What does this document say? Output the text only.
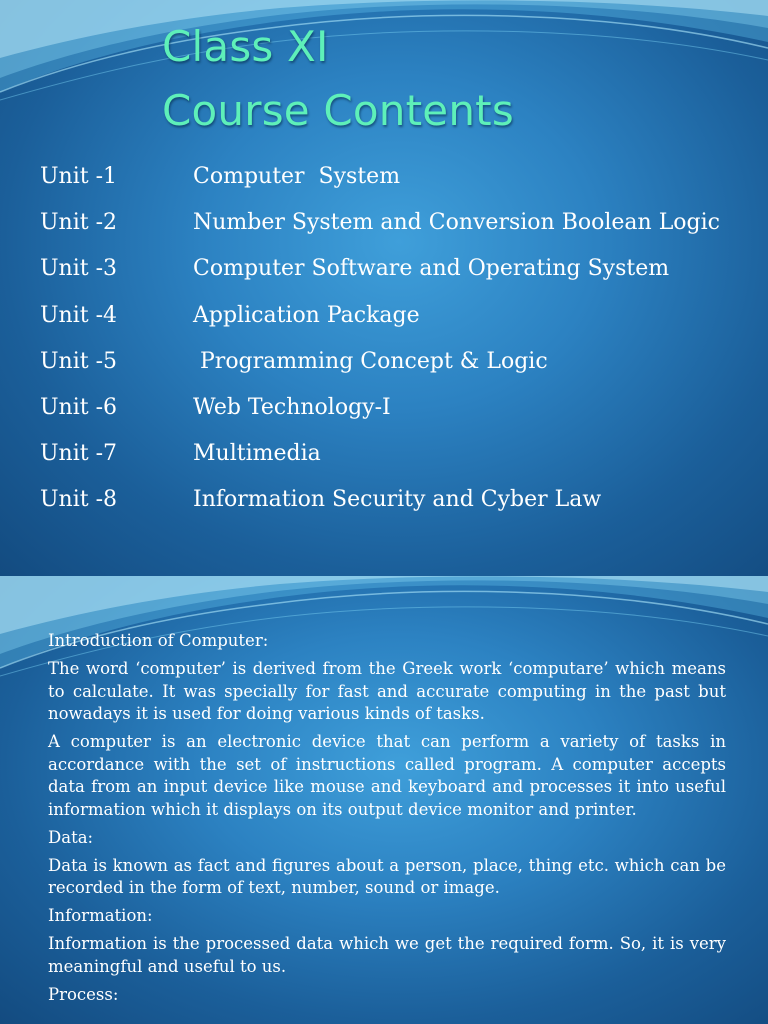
Class XI
Course Contents
Unit -1	Computer  System
Unit -2	Number System and Conversion Boolean Logic
Unit -3	Computer Software and Operating System
Unit -4	Application Package
Unit -5	Programming Concept & Logic
Unit -6	Web Technology-I
Unit -7	Multimedia
Unit -8	Information Security and Cyber Law

Introduction of Computer:

The word ‘computer’ is derived from the Greek work ‘computare’ which means to calculate. It was specially for fast and accurate computing in the past but nowadays it is used for doing various kinds of tasks.

A computer is an electronic device that can perform a variety of tasks in accordance with the set of instructions called program. A computer accepts data from an input device like mouse and keyboard and processes it into useful information which it displays on its output device monitor and printer.

Data:

Data is known as fact and figures about a person, place, thing etc. which can be recorded in the form of text, number, sound or image.

Information:

Information is the processed data which we get the required form. So, it is very meaningful and useful to us.

Process:
